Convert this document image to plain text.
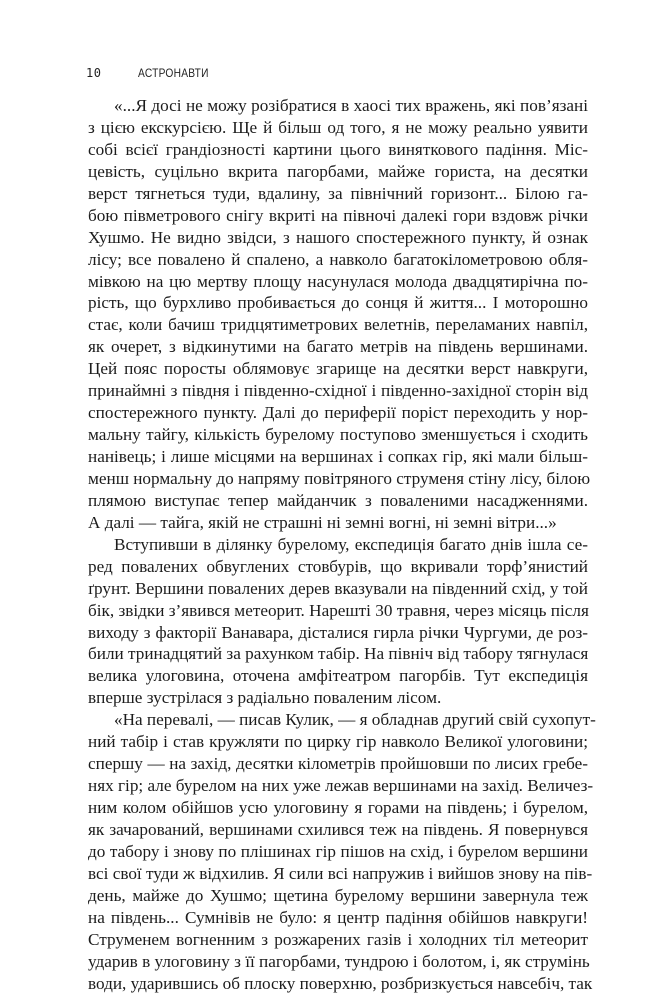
10	АСТРОНАВТИ
«...Я досі не можу розібратися в хаосі тих вражень, які пов’язані
з цією екскурсією. Ще й більш од того, я не можу реально уявити
собі всієї грандіозності картини цього виняткового падіння. Міс-
цевість, суцільно вкрита пагорбами, майже гориста, на десятки
верст тягнеться туди, вдалину, за північний горизонт... Білою га-
бою півметрового снігу вкриті на півночі далекі гори вздовж річки
Хушмо. Не видно звідси, з нашого спостережного пункту, й ознак
лісу; все повалено й спалено, а навколо багатокілометровою обля-
мівкою на цю мертву площу насунулася молода двадцятирічна по-
рість, що бурхливо пробивається до сонця й життя... І моторошно
стає, коли бачиш тридцятиметрових велетнів, переламаних навпіл,
як очерет, з відкинутими на багато метрів на південь вершинами.
Цей пояс поросты облямовує згарище на десятки верст навкруги,
принаймні з півдня і південно-східної і південно-західної сторін від
спостережного пункту. Далі до периферії поріст переходить у нор-
мальну тайгу, кількість бурелому поступово зменшується і сходить
нанівець; і лише місцями на вершинах і сопках гір, які мали більш-
менш нормальну до напряму повітряного струменя стіну лісу, білою
плямою виступає тепер майданчик з поваленими насадженнями.
А далі — тайга, якій не страшні ні земні вогні, ні земні вітри...»
Вступивши в ділянку бурелому, експедиція багато днів ішла се-
ред повалених обвуглених стовбурів, що вкривали торф’янистий
ґрунт. Вершини повалених дерев вказували на південний схід, у той
бік, звідки з’явився метеорит. Нарешті 30 травня, через місяць після
виходу з факторії Ванавара, дісталися гирла річки Чургуми, де роз-
били тринадцятий за рахунком табір. На північ від табору тягнулася
велика улоговина, оточена амфітеатром пагорбів. Тут експедиція
вперше зустрілася з радіально поваленим лісом.
«На перевалі, — писав Кулик, — я обладнав другий свій сухопут-
ний табір і став кружляти по цирку гір навколо Великої улоговини;
спершу — на захід, десятки кілометрів пройшовши по лисих гребе-
нях гір; але бурелом на них уже лежав вершинами на захід. Величез-
ним колом обійшов усю улоговину я горами на південь; і бурелом,
як зачарований, вершинами схилився теж на південь. Я повернувся
до табору і знову по плішинах гір пішов на схід, і бурелом вершини
всі свої туди ж відхилив. Я сили всі напружив і вийшов знову на пів-
день, майже до Хушмо; щетина бурелому вершини завернула теж
на південь... Сумнівів не було: я центр падіння обійшов навкруги!
Струменем вогненним з розжарених газів і холодних тіл метеорит
ударив в улоговину з її пагорбами, тундрою і болотом, і, як струмінь
води, ударившись об плоску поверхню, розбризкується навсебіч, так
